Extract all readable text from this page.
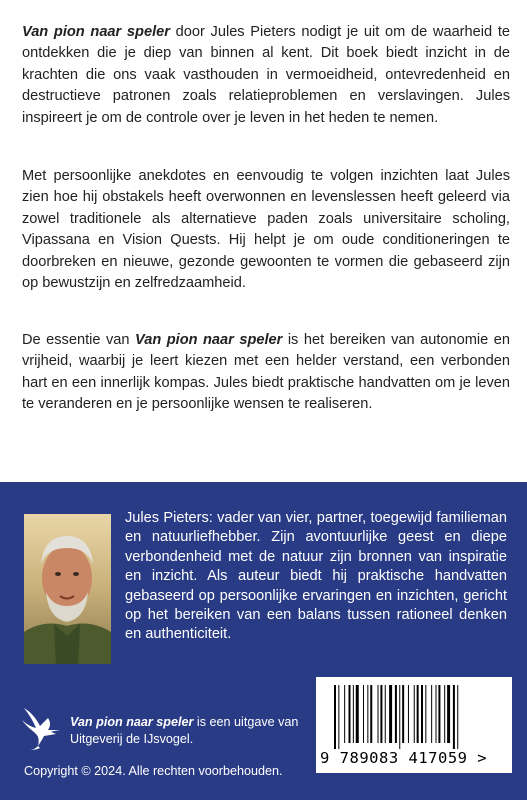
Van pion naar speler door Jules Pieters nodigt je uit om de waarheid te ontdekken die je diep van binnen al kent. Dit boek biedt inzicht in de krachten die ons vaak vasthouden in vermoeidheid, ontevredenheid en destructieve patronen zoals relatieproblemen en verslavingen. Jules inspireert je om de controle over je leven in het heden te nemen.

Met persoonlijke anekdotes en eenvoudig te volgen inzichten laat Jules zien hoe hij obstakels heeft overwonnen en levenslessen heeft geleerd via zowel traditionele als alternatieve paden zoals universitaire scholing, Vipassana en Vision Quests. Hij helpt je om oude conditioneringen te doorbreken en nieuwe, gezonde gewoonten te vormen die gebaseerd zijn op bewustzijn en zelfredzaamheid.

De essentie van Van pion naar speler is het bereiken van autonomie en vrijheid, waarbij je leert kiezen met een helder verstand, een verbonden hart en een innerlijk kompas. Jules biedt praktische handvatten om je leven te veranderen en je persoonlijke wensen te realiseren.

Jules Pieters: vader van vier, partner, toegewijd familieman en natuurliefhebber. Zijn avontuurlijke geest en diepe verbondenheid met de natuur zijn bronnen van inspiratie en inzicht. Als auteur biedt hij praktische handvatten gebaseerd op persoonlijke ervaringen en inzichten, gericht op het bereiken van een balans tussen rationeel denken en authenticiteit.

Van pion naar speler is een uitgave van Uitgeverij de IJsvogel.

Copyright © 2024. Alle rechten voorbehouden.

9 789083 417059 >
